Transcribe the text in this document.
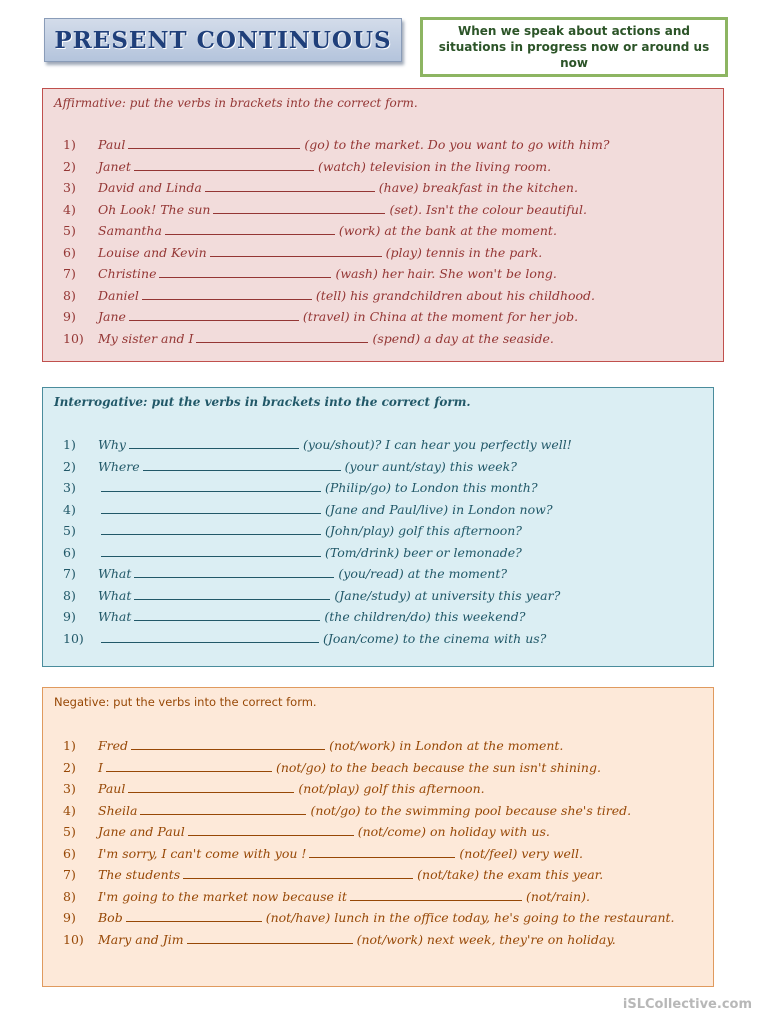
PRESENT CONTINUOUS	When we speak about actions and situations in progress now or around us now
Affirmative: put the verbs in brackets into the correct form.
1)	Paul	(go) to the market. Do you want to go with him?
2)	Janet	(watch) television in the living room.
3)	David and Linda	(have) breakfast in the kitchen.
4)	Oh Look! The sun	(set). Isn't the colour beautiful.
5)	Samantha	(work) at the bank at the moment.
6)	Louise and Kevin	(play) tennis in the park.
7)	Christine	(wash) her hair. She won't be long.
8)	Daniel	(tell) his grandchildren about his childhood.
9)	Jane	(travel) in China at the moment for her job.
10)	My sister and I	(spend) a day at the seaside.
Interrogative: put the verbs in brackets into the correct form.
1)	Why	(you/shout)? I can hear you perfectly well!
2)	Where	(your aunt/stay) this week?
3)	(Philip/go) to London this month?
4)	(Jane and Paul/live) in London now?
5)	(John/play) golf this afternoon?
6)	(Tom/drink) beer or lemonade?
7)	What	(you/read) at the moment?
8)	What	(Jane/study) at university this year?
9)	What	(the children/do) this weekend?
10)	(Joan/come) to the cinema with us?
Negative: put the verbs into the correct form.
1)	Fred	(not/work) in London at the moment.
2)	I	(not/go) to the beach because the sun isn't shining.
3)	Paul	(not/play) golf this afternoon.
4)	Sheila	(not/go) to the swimming pool because she's tired.
5)	Jane and Paul	(not/come) on holiday with us.
6)	I'm sorry, I can't come with you !	(not/feel) very well.
7)	The students	(not/take) the exam this year.
8)	I'm going to the market now because it	(not/rain).
9)	Bob	(not/have) lunch in the office today, he's going to the restaurant.
10)	Mary and Jim	(not/work) next week, they're on holiday.
iSLCollective.com
